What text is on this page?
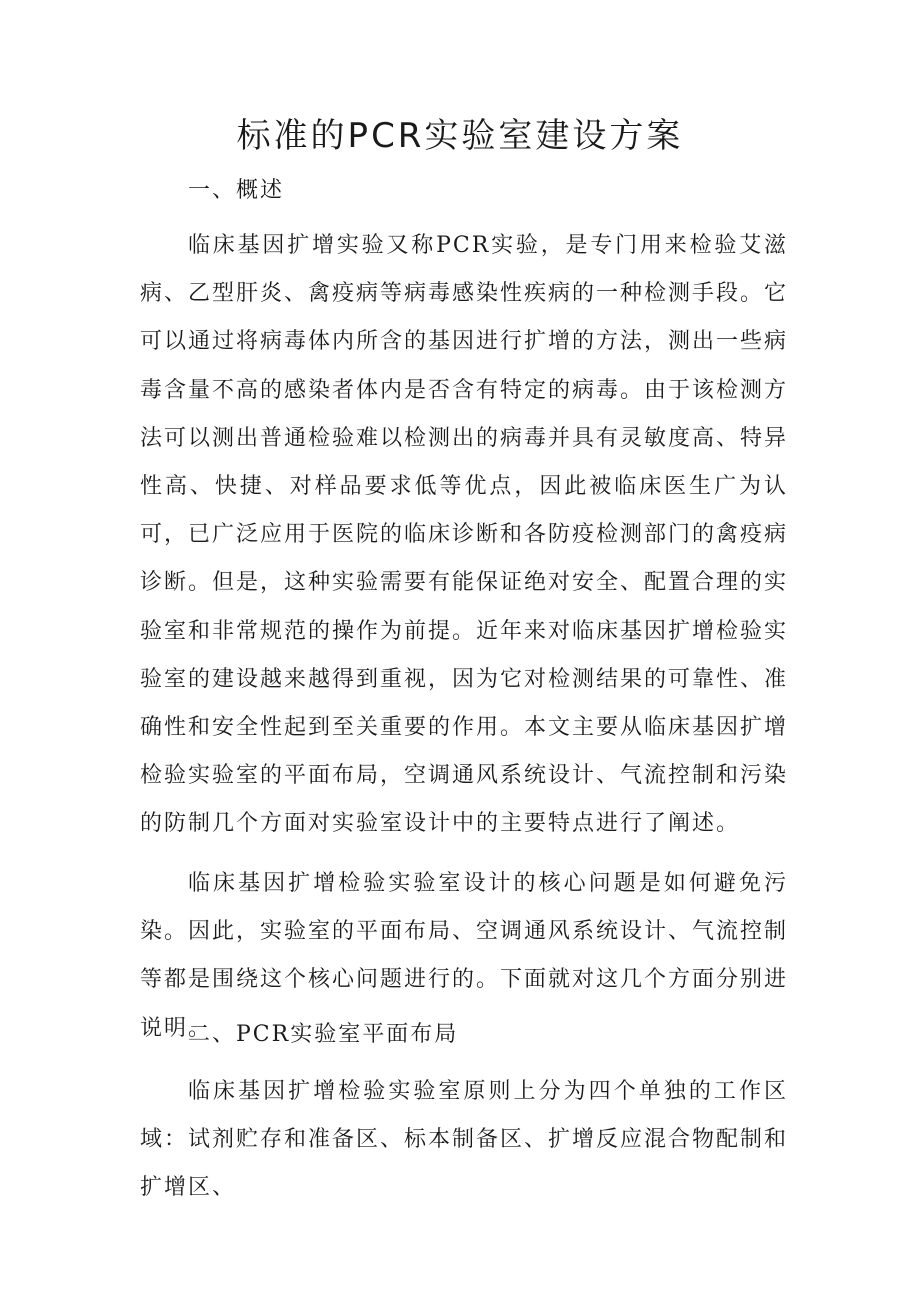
标准的PCR实验室建设方案

一、概述

临床基因扩增实验又称PCR实验，是专门用来检验艾滋病、乙型肝炎、禽疫病等病毒感染性疾病的一种检测手段。它可以通过将病毒体内所含的基因进行扩增的方法，测出一些病毒含量不高的感染者体内是否含有特定的病毒。由于该检测方法可以测出普通检验难以检测出的病毒并具有灵敏度高、特异性高、快捷、对样品要求低等优点，因此被临床医生广为认可，已广泛应用于医院的临床诊断和各防疫检测部门的禽疫病诊断。但是，这种实验需要有能保证绝对安全、配置合理的实验室和非常规范的操作为前提。近年来对临床基因扩增检验实验室的建设越来越得到重视，因为它对检测结果的可靠性、准确性和安全性起到至关重要的作用。本文主要从临床基因扩增检验实验室的平面布局，空调通风系统设计、气流控制和污染的防制几个方面对实验室设计中的主要特点进行了阐述。

临床基因扩增检验实验室设计的核心问题是如何避免污染。因此，实验室的平面布局、空调通风系统设计、气流控制等都是围绕这个核心问题进行的。下面就对这几个方面分别进说明。

二、PCR实验室平面布局

临床基因扩增检验实验室原则上分为四个单独的工作区域：试剂贮存和准备区、标本制备区、扩增反应混合物配制和扩增区、
